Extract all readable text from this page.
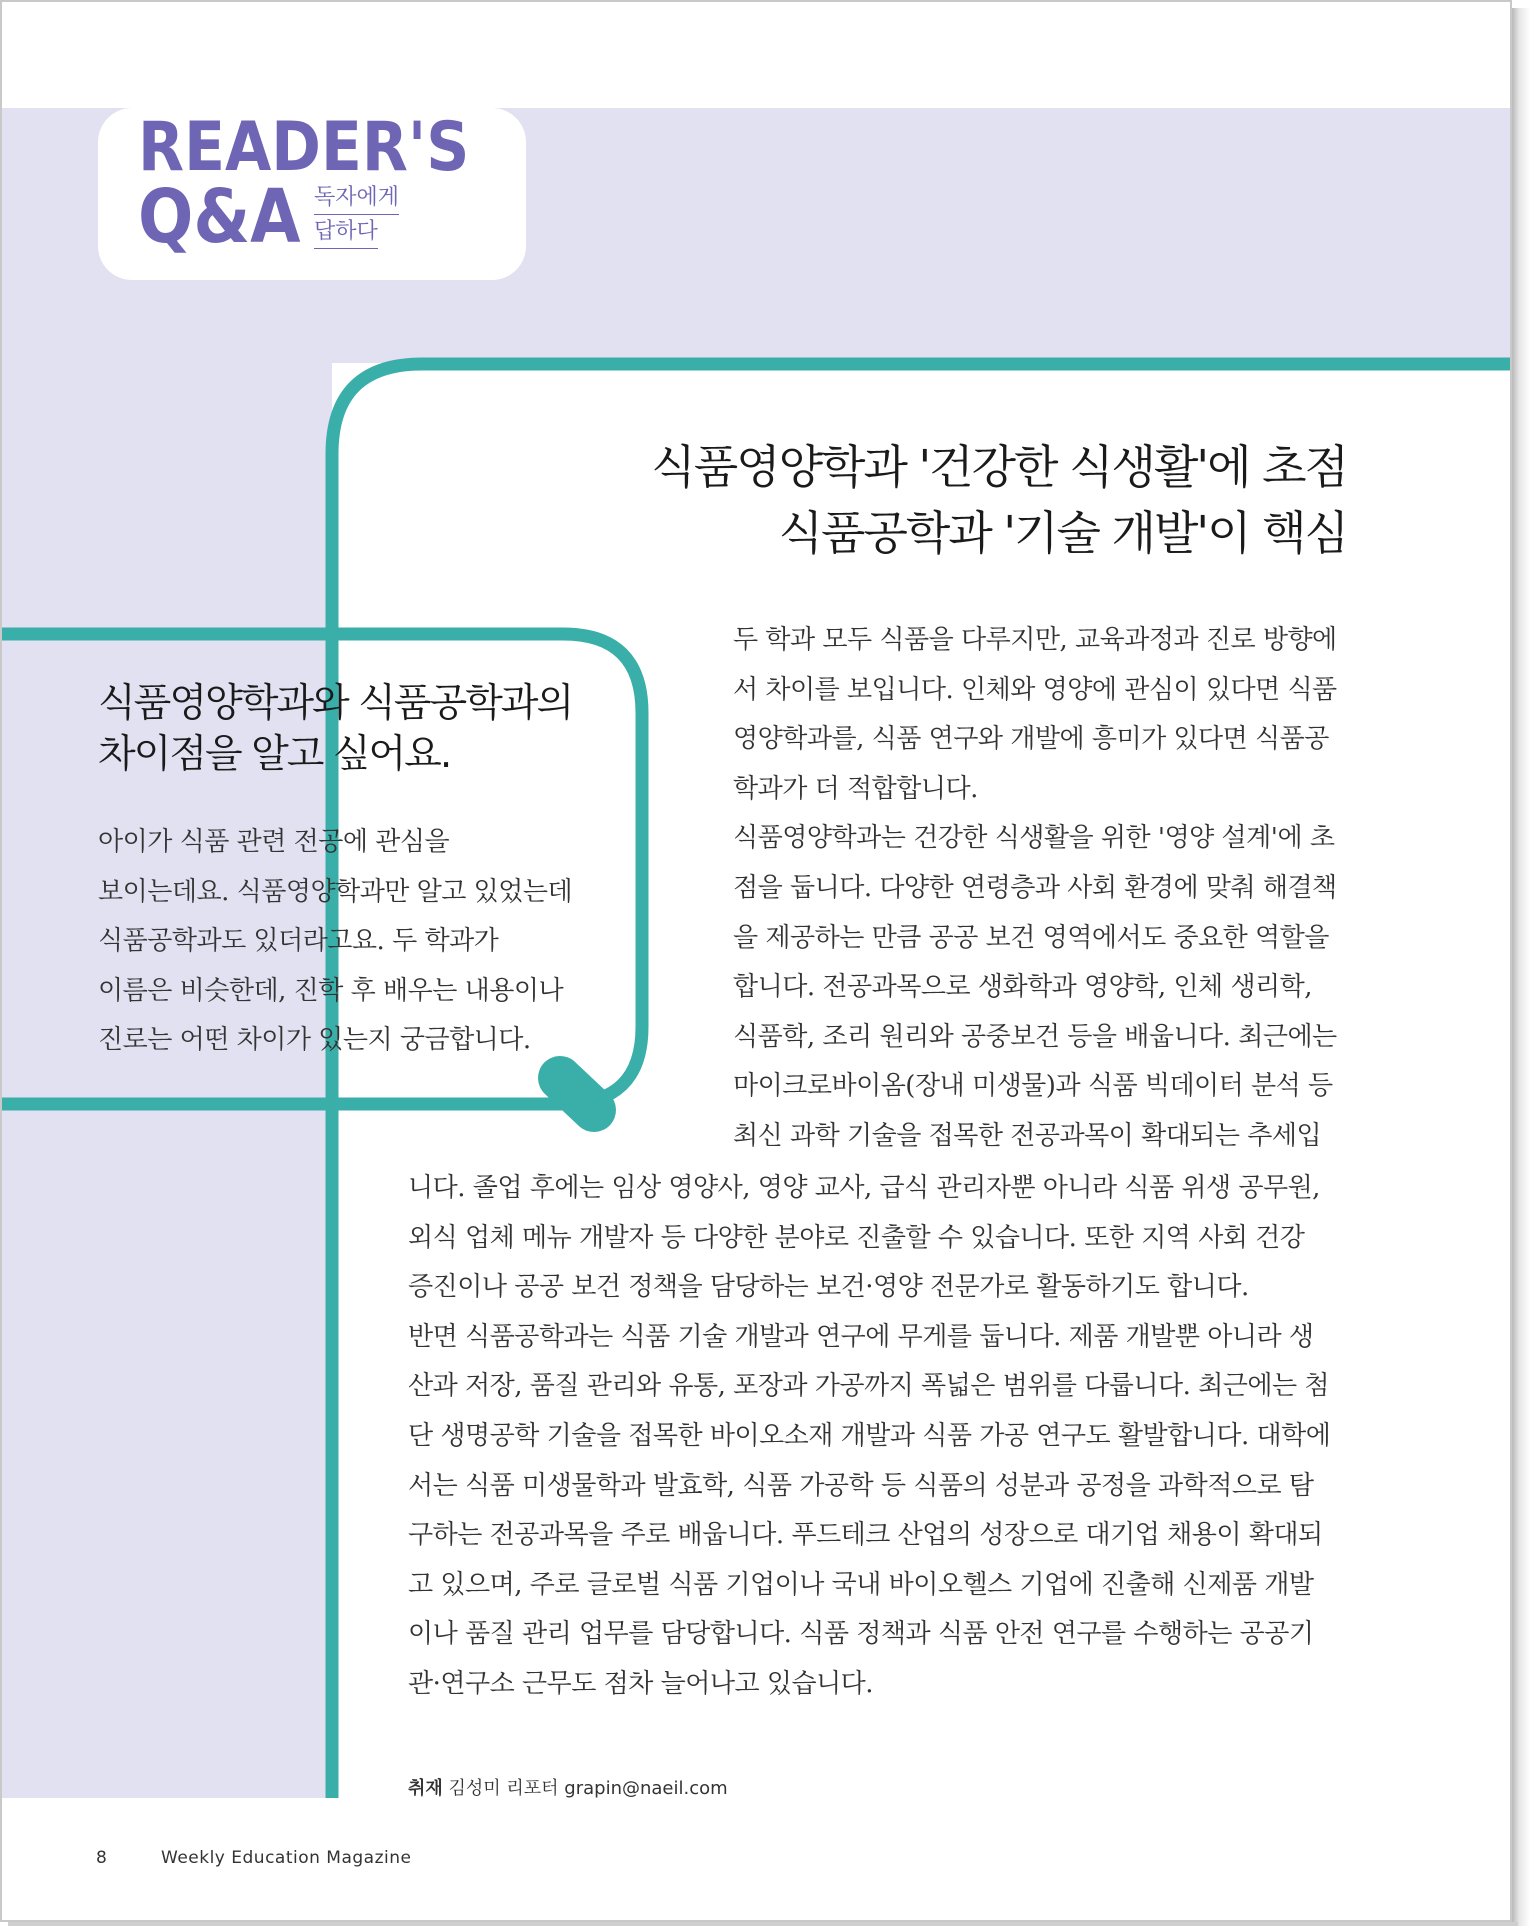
READER'S
Q&A 독자에게
답하다
식품영양학과 '건강한 식생활'에 초점
식품공학과 '기술 개발'이 핵심
식품영양학과와 식품공학과의
차이점을 알고 싶어요.
아이가 식품 관련 전공에 관심을
보이는데요. 식품영양학과만 알고 있었는데
식품공학과도 있더라고요. 두 학과가
이름은 비슷한데, 진학 후 배우는 내용이나
진로는 어떤 차이가 있는지 궁금합니다.
두 학과 모두 식품을 다루지만, 교육과정과 진로 방향에
서 차이를 보입니다. 인체와 영양에 관심이 있다면 식품
영양학과를, 식품 연구와 개발에 흥미가 있다면 식품공
학과가 더 적합합니다.
식품영양학과는 건강한 식생활을 위한 '영양 설계'에 초
점을 둡니다. 다양한 연령층과 사회 환경에 맞춰 해결책
을 제공하는 만큼 공공 보건 영역에서도 중요한 역할을
합니다. 전공과목으로 생화학과 영양학, 인체 생리학,
식품학, 조리 원리와 공중보건 등을 배웁니다. 최근에는
마이크로바이옴(장내 미생물)과 식품 빅데이터 분석 등
최신 과학 기술을 접목한 전공과목이 확대되는 추세입
니다. 졸업 후에는 임상 영양사, 영양 교사, 급식 관리자뿐 아니라 식품 위생 공무원,
외식 업체 메뉴 개발자 등 다양한 분야로 진출할 수 있습니다. 또한 지역 사회 건강
증진이나 공공 보건 정책을 담당하는 보건·영양 전문가로 활동하기도 합니다.
반면 식품공학과는 식품 기술 개발과 연구에 무게를 둡니다. 제품 개발뿐 아니라 생
산과 저장, 품질 관리와 유통, 포장과 가공까지 폭넓은 범위를 다룹니다. 최근에는 첨
단 생명공학 기술을 접목한 바이오소재 개발과 식품 가공 연구도 활발합니다. 대학에
서는 식품 미생물학과 발효학, 식품 가공학 등 식품의 성분과 공정을 과학적으로 탐
구하는 전공과목을 주로 배웁니다. 푸드테크 산업의 성장으로 대기업 채용이 확대되
고 있으며, 주로 글로벌 식품 기업이나 국내 바이오헬스 기업에 진출해 신제품 개발
이나 품질 관리 업무를 담당합니다. 식품 정책과 식품 안전 연구를 수행하는 공공기
관·연구소 근무도 점차 늘어나고 있습니다.
취재 김성미 리포터 grapin@naeil.com
8	Weekly Education Magazine
